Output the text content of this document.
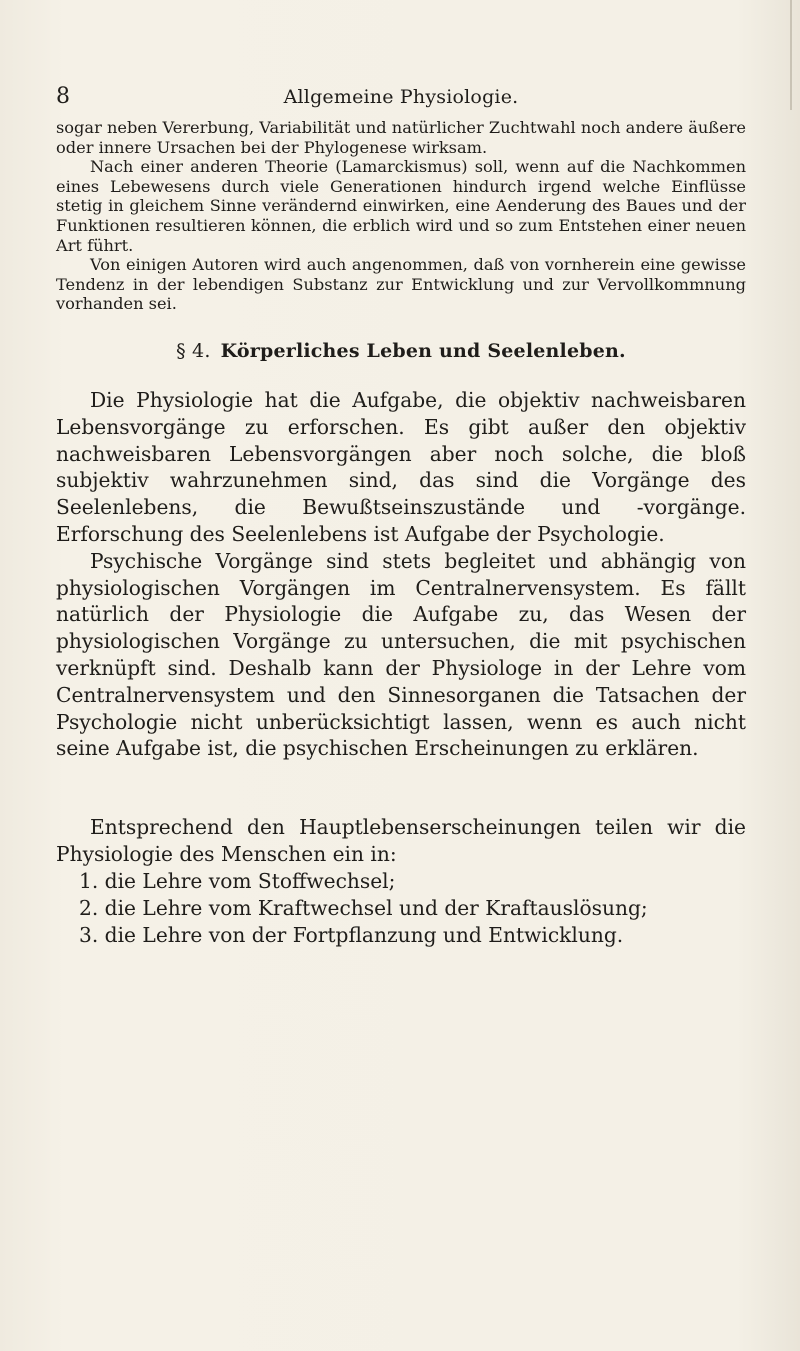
8	Allgemeine Physiologie.

sogar neben Vererbung, Variabilität und natürlicher Zuchtwahl noch andere äußere oder innere Ursachen bei der Phylogenese wirksam.

Nach einer anderen Theorie (Lamarckismus) soll, wenn auf die Nachkommen eines Lebewesens durch viele Generationen hindurch irgend welche Einflüsse stetig in gleichem Sinne verändernd einwirken, eine Aenderung des Baues und der Funktionen resultieren können, die erblich wird und so zum Entstehen einer neuen Art führt.

Von einigen Autoren wird auch angenommen, daß von vornherein eine gewisse Tendenz in der lebendigen Substanz zur Entwicklung und zur Vervollkommnung vorhanden sei.

§ 4. Körperliches Leben und Seelenleben.

Die Physiologie hat die Aufgabe, die objektiv nachweisbaren Lebensvorgänge zu erforschen. Es gibt außer den objektiv nachweisbaren Lebensvorgängen aber noch solche, die bloß subjektiv wahrzunehmen sind, das sind die Vorgänge des Seelenlebens, die Bewußtseinszustände und -vorgänge. Erforschung des Seelenlebens ist Aufgabe der Psychologie.

Psychische Vorgänge sind stets begleitet und abhängig von physiologischen Vorgängen im Centralnervensystem. Es fällt natürlich der Physiologie die Aufgabe zu, das Wesen der physiologischen Vorgänge zu untersuchen, die mit psychischen verknüpft sind. Deshalb kann der Physiologe in der Lehre vom Centralnervensystem und den Sinnesorganen die Tatsachen der Psychologie nicht unberücksichtigt lassen, wenn es auch nicht seine Aufgabe ist, die psychischen Erscheinungen zu erklären.

Entsprechend den Hauptlebenserscheinungen teilen wir die Physiologie des Menschen ein in:

1. die Lehre vom Stoffwechsel;
2. die Lehre vom Kraftwechsel und der Kraftauslösung;
3. die Lehre von der Fortpflanzung und Entwicklung.
